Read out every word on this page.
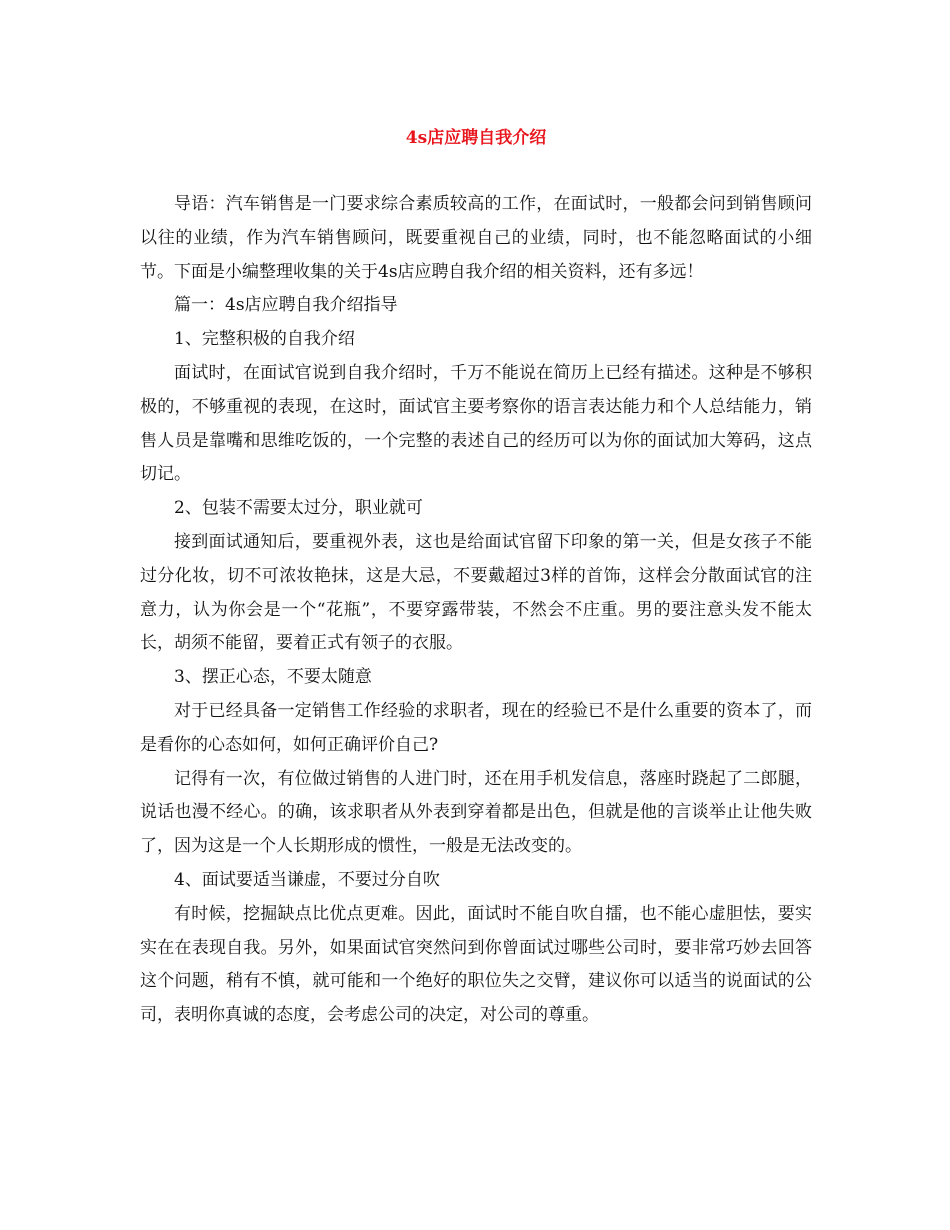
4s店应聘自我介绍

导语：汽车销售是一门要求综合素质较高的工作，在面试时，一般都会问到销售顾问以往的业绩，作为汽车销售顾问，既要重视自己的业绩，同时，也不能忽略面试的小细节。下面是小编整理收集的关于4s店应聘自我介绍的相关资料，还有多远！

篇一：4s店应聘自我介绍指导

1、完整积极的自我介绍

面试时，在面试官说到自我介绍时，千万不能说在简历上已经有描述。这种是不够积极的，不够重视的表现，在这时，面试官主要考察你的语言表达能力和个人总结能力，销售人员是靠嘴和思维吃饭的，一个完整的表述自己的经历可以为你的面试加大筹码，这点切记。

2、包装不需要太过分，职业就可

接到面试通知后，要重视外表，这也是给面试官留下印象的第一关，但是女孩子不能过分化妆，切不可浓妆艳抹，这是大忌，不要戴超过3样的首饰，这样会分散面试官的注意力，认为你会是一个“花瓶”，不要穿露带装，不然会不庄重。男的要注意头发不能太长，胡须不能留，要着正式有领子的衣服。

3、摆正心态，不要太随意

对于已经具备一定销售工作经验的求职者，现在的经验已不是什么重要的资本了，而是看你的心态如何，如何正确评价自己?

记得有一次，有位做过销售的人进门时，还在用手机发信息，落座时跷起了二郎腿，说话也漫不经心。的确，该求职者从外表到穿着都是出色，但就是他的言谈举止让他失败了，因为这是一个人长期形成的惯性，一般是无法改变的。

4、面试要适当谦虚，不要过分自吹

有时候，挖掘缺点比优点更难。因此，面试时不能自吹自擂，也不能心虚胆怯，要实实在在表现自我。另外，如果面试官突然问到你曾面试过哪些公司时，要非常巧妙去回答这个问题，稍有不慎，就可能和一个绝好的职位失之交臂，建议你可以适当的说面试的公司，表明你真诚的态度，会考虑公司的决定，对公司的尊重。
